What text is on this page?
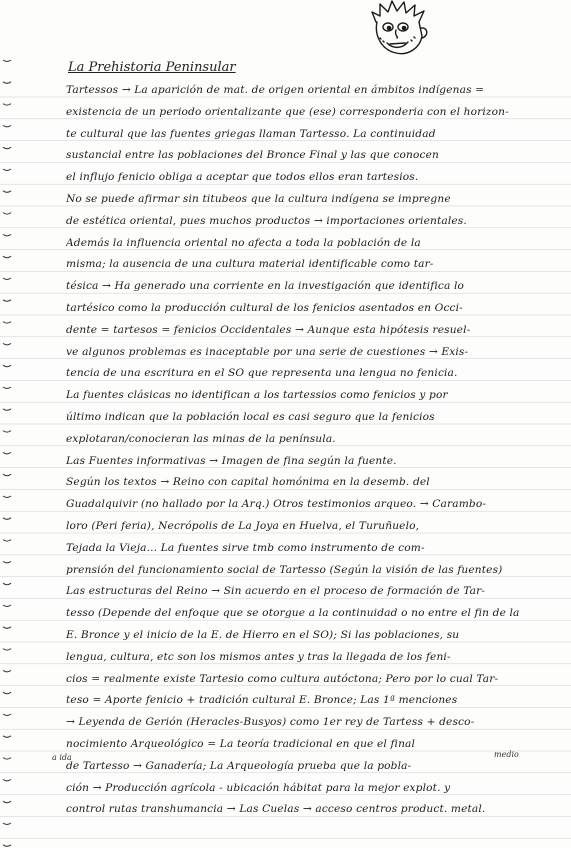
La Prehistoria Peninsular
Tartessos → La aparición de mat. de origen oriental en ámbitos indígenas =
existencia de un periodo orientalizante que (ese) corresponderia con el horizon-
te cultural que las fuentes griegas llaman Tartesso. La continuidad
sustancial entre las poblaciones del Bronce Final y las que conocen
el influjo fenicio obliga a aceptar que todos ellos eran tartesios.
No se puede afirmar sin titubeos que la cultura indígena se impregne
de estética oriental, pues muchos productos → importaciones orientales.
Además la influencia oriental no afecta a toda la población de la
misma; la ausencia de una cultura material identificable como tar-
tésica → Ha generado una corriente en la investigación que identifica lo
tartésico como la producción cultural de los fenicios asentados en Occi-
dente = tartesos = fenicios Occidentales → Aunque esta hipótesis resuel-
ve algunos problemas es inaceptable por una serie de cuestiones → Exis-
tencia de una escritura en el SO que representa una lengua no fenicia.
La fuentes clásicas no identifican a los tartessios como fenicios y por
último indican que la población local es casi seguro que la fenicios
explotaran/conocieran las minas de la península.
Las Fuentes informativas → Imagen de fina según la fuente.
Según los textos → Reino con capital homónima en la desemb. del
Guadalquivir (no hallado por la Arq.) Otros testimonios arqueo. → Carambo-
loro (Peri feria), Necrópolis de La Joya en Huelva, el Turuñuelo,
Tejada la Vieja... La fuentes sirve tmb como instrumento de com-
prensión del funcionamiento social de Tartesso (Según la visión de las fuentes)
Las estructuras del Reino → Sin acuerdo en el proceso de formación de Tar-
tesso (Depende del enfoque que se otorgue a la continuidad o no entre el fin de la
E. Bronce y el inicio de la E. de Hierro en el SO); Si las poblaciones, su
lengua, cultura, etc son los mismos antes y tras la llegada de los feni-
cios = realmente existe Tartesio como cultura autóctona; Pero por lo cual Tar-
teso = Aporte fenicio + tradición cultural E. Bronce; Las 1ª menciones
→ Leyenda de Gerión (Heracles-Busyos) como 1er rey de Tartess + desco-
nocimiento Arqueológico = La teoría tradicional en que el final
de Tartesso → Ganadería; La Arqueología prueba que la pobla-
ción → Producción agrícola - ubicación hábitat para la mejor explot. y
control rutas transhumancia → Las Cuelas → acceso centros product. metal.
a ida	medio
